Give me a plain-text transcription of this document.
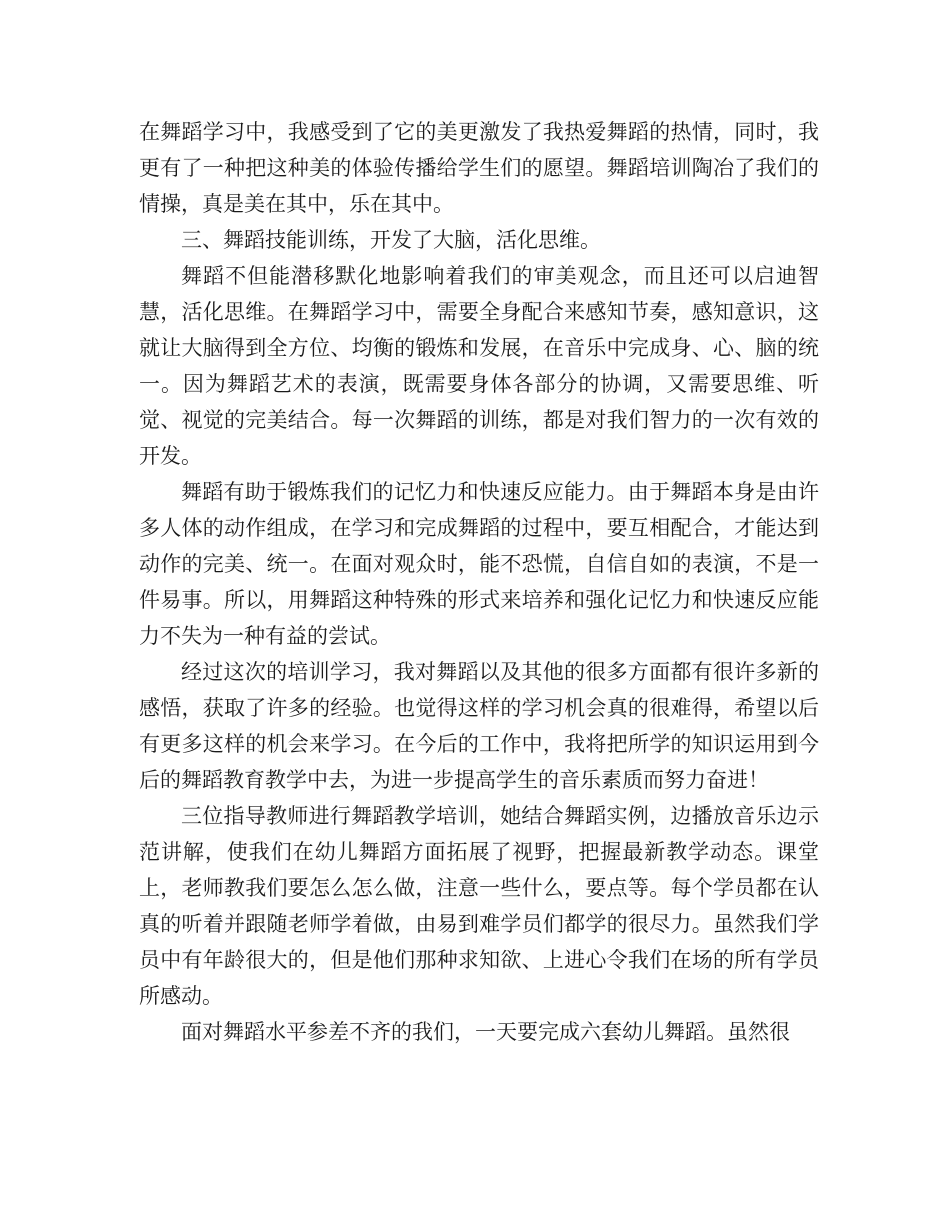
在舞蹈学习中，我感受到了它的美更激发了我热爱舞蹈的热情，同时，我更有了一种把这种美的体验传播给学生们的愿望。舞蹈培训陶冶了我们的情操，真是美在其中，乐在其中。

三、舞蹈技能训练，开发了大脑，活化思维。

舞蹈不但能潜移默化地影响着我们的审美观念，而且还可以启迪智慧，活化思维。在舞蹈学习中，需要全身配合来感知节奏，感知意识，这就让大脑得到全方位、均衡的锻炼和发展，在音乐中完成身、心、脑的统一。因为舞蹈艺术的表演，既需要身体各部分的协调，又需要思维、听觉、视觉的完美结合。每一次舞蹈的训练，都是对我们智力的一次有效的开发。

舞蹈有助于锻炼我们的记忆力和快速反应能力。由于舞蹈本身是由许多人体的动作组成，在学习和完成舞蹈的过程中，要互相配合，才能达到动作的完美、统一。在面对观众时，能不恐慌，自信自如的表演，不是一件易事。所以，用舞蹈这种特殊的形式来培养和强化记忆力和快速反应能力不失为一种有益的尝试。

经过这次的培训学习，我对舞蹈以及其他的很多方面都有很许多新的感悟，获取了许多的经验。也觉得这样的学习机会真的很难得，希望以后有更多这样的机会来学习。在今后的工作中，我将把所学的知识运用到今后的舞蹈教育教学中去，为进一步提高学生的音乐素质而努力奋进！

三位指导教师进行舞蹈教学培训，她结合舞蹈实例，边播放音乐边示范讲解，使我们在幼儿舞蹈方面拓展了视野，把握最新教学动态。课堂上，老师教我们要怎么怎么做，注意一些什么，要点等。每个学员都在认真的听着并跟随老师学着做，由易到难学员们都学的很尽力。虽然我们学员中有年龄很大的，但是他们那种求知欲、上进心令我们在场的所有学员所感动。

面对舞蹈水平参差不齐的我们，一天要完成六套幼儿舞蹈。虽然很
